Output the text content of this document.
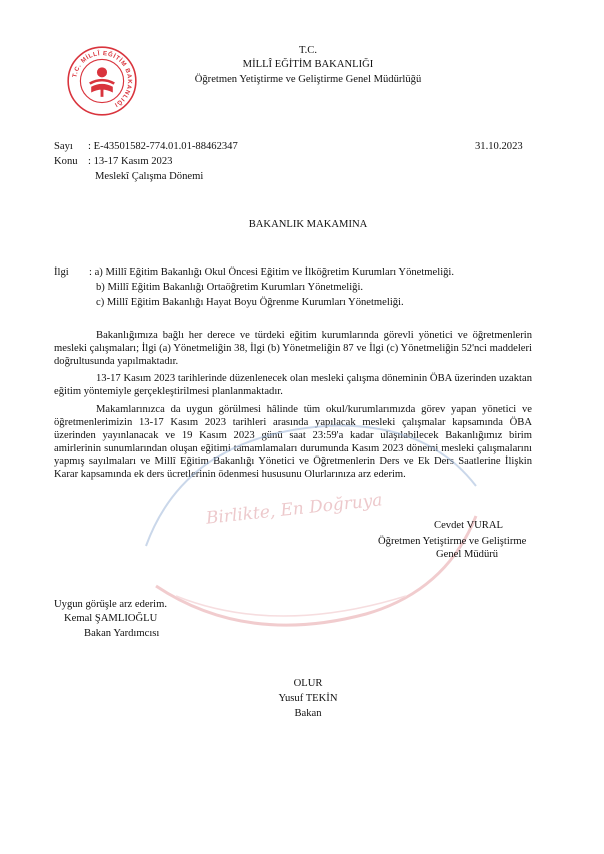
T.C. MİLLÎ EĞİTİM BAKANLIĞI
T.C.
MİLLÎ EĞİTİM BAKANLIĞI
Öğretmen Yetiştirme ve Geliştirme Genel Müdürlüğü
Sayı : E-43501582-774.01.01-88462347	31.10.2023
Konu : 13-17 Kasım 2023
Meslekî Çalışma Dönemi
BAKANLIK MAKAMINA
İlgi : a) Millî Eğitim Bakanlığı Okul Öncesi Eğitim ve İlköğretim Kurumları Yönetmeliği.
b) Millî Eğitim Bakanlığı Ortaöğretim Kurumları Yönetmeliği.
c) Millî Eğitim Bakanlığı Hayat Boyu Öğrenme Kurumları Yönetmeliği.
Bakanlığımıza bağlı her derece ve türdeki eğitim kurumlarında görevli yönetici ve öğretmenlerin mesleki çalışmaları; İlgi (a) Yönetmeliğin 38, İlgi (b) Yönetmeliğin 87 ve İlgi (c) Yönetmeliğin 52'nci maddeleri doğrultusunda yapılmaktadır.
13-17 Kasım 2023 tarihlerinde düzenlenecek olan mesleki çalışma döneminin ÖBA üzerinden uzaktan eğitim yöntemiyle gerçekleştirilmesi planlanmaktadır.
Makamlarınızca da uygun görülmesi hâlinde tüm okul/kurumlarımızda görev yapan yönetici ve öğretmenlerimizin 13-17 Kasım 2023 tarihleri arasında yapılacak mesleki çalışmalar kapsamında ÖBA üzerinden yayınlanacak ve 19 Kasım 2023 günü saat 23:59'a kadar ulaşılabilecek Bakanlığımız birim amirlerinin sunumlarından oluşan eğitimi tamamlamaları durumunda Kasım 2023 dönemi mesleki çalışmalarını yapmış sayılmaları ve Millî Eğitim Bakanlığı Yönetici ve Öğretmenlerin Ders ve Ek Ders Saatlerine İlişkin Karar kapsamında ek ders ücretlerinin ödenmesi hususunu Olurlarınıza arz ederim.
Birlikte, En Doğruya	Cevdet VURAL
Öğretmen Yetiştirme ve Geliştirme
Genel Müdürü
Uygun görüşle arz ederim.
Kemal ŞAMLIOĞLU
Bakan Yardımcısı
OLUR
Yusuf TEKİN
Bakan
